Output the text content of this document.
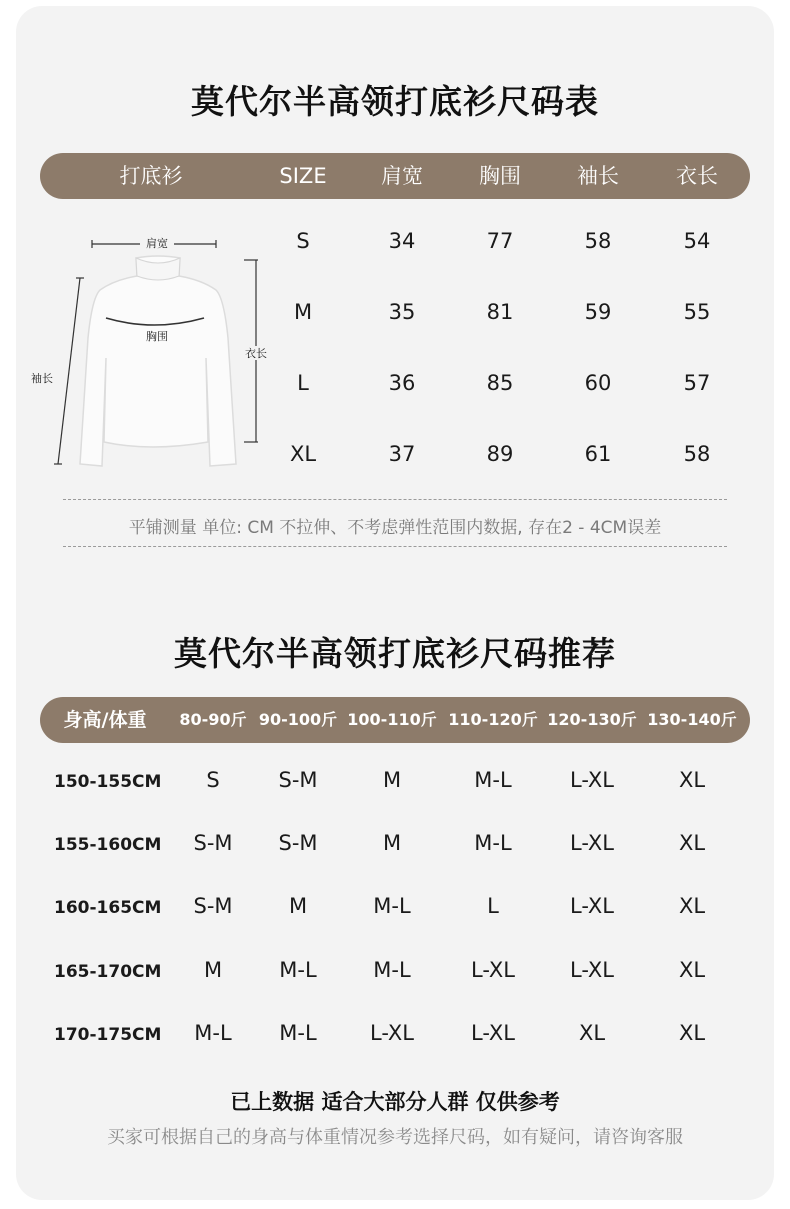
莫代尔半高领打底衫尺码表
打底衫	SIZE	肩宽	胸围	袖长	衣长
肩宽
胸围
袖长
衣长
S	34	77	58	54
M	35	81	59	55
L	36	85	60	57
XL	37	89	61	58
平铺测量 单位: CM 不拉伸、不考虑弹性范围内数据, 存在2 - 4CM误差
莫代尔半高领打底衫尺码推荐
身高/体重 80-90斤 90-100斤 100-110斤 110-120斤 120-130斤 130-140斤
150-155CM S	S-M	M	M-L	L-XL	XL
155-160CM S-M S-M	M	M-L	L-XL	XL
160-165CM S-M	M	M-L	L	L-XL	XL
165-170CM M	M-L	M-L	L-XL	L-XL	XL
170-175CM M-L M-L	L-XL	L-XL	XL	XL
已上数据 适合大部分人群 仅供参考
买家可根据自己的身高与体重情况参考选择尺码，如有疑问，请咨询客服
